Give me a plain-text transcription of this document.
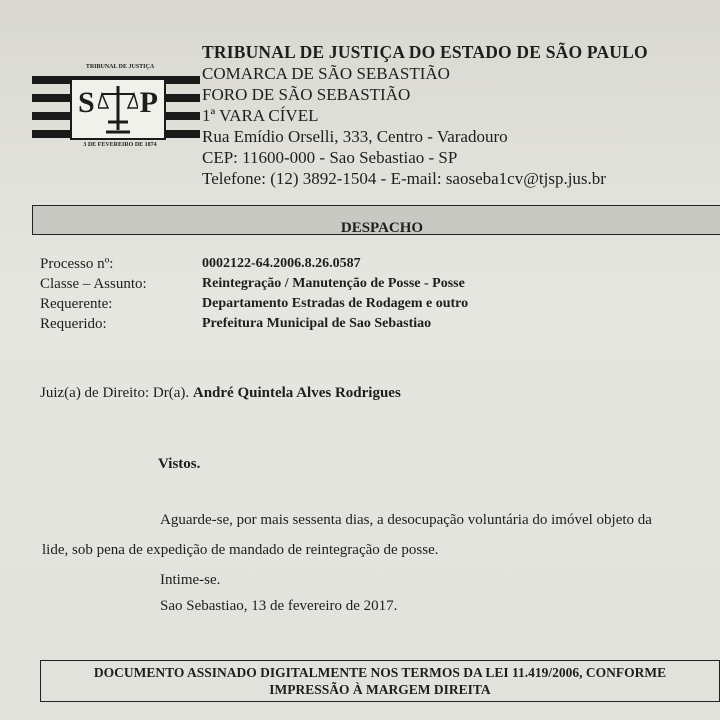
TRIBUNAL DE JUSTIÇA
S P
3 DE FEVEREIRO DE 1874
TRIBUNAL DE JUSTIÇA DO ESTADO DE SÃO PAULO
COMARCA DE SÃO SEBASTIÃO
FORO DE SÃO SEBASTIÃO
1ª VARA CÍVEL
Rua Emídio Orselli, 333, Centro - Varadouro
CEP: 11600-000 - Sao Sebastiao - SP
Telefone: (12) 3892-1504 - E-mail: saoseba1cv@tjsp.jus.br
DESPACHO
Processo nº:	0002122-64.2006.8.26.0587
Classe – Assunto:	Reintegração / Manutenção de Posse - Posse
Requerente:	Departamento Estradas de Rodagem e outro
Requerido:	Prefeitura Municipal de Sao Sebastiao
Juiz(a) de Direito: Dr(a). André Quintela Alves Rodrigues
Vistos.
Aguarde-se, por mais sessenta dias, a desocupação voluntária do imóvel objeto da
lide, sob pena de expedição de mandado de reintegração de posse.
Intime-se.
Sao Sebastiao, 13 de fevereiro de 2017.
DOCUMENTO ASSINADO DIGITALMENTE NOS TERMOS DA LEI 11.419/2006, CONFORME
IMPRESSÃO À MARGEM DIREITA
